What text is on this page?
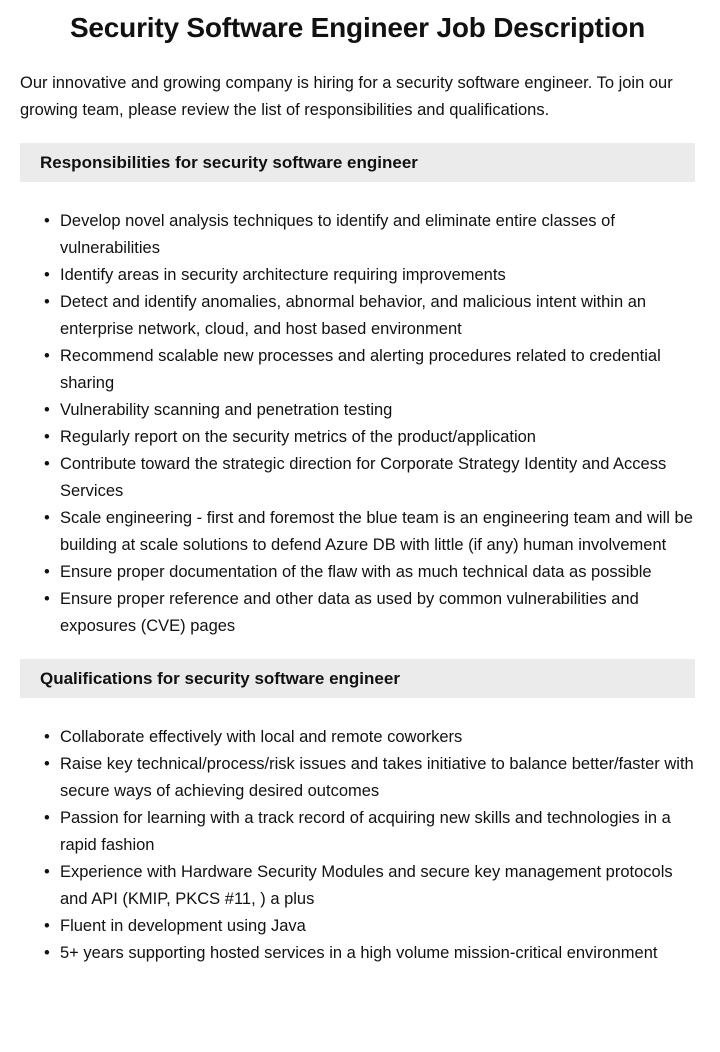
Security Software Engineer Job Description

Our innovative and growing company is hiring for a security software engineer. To join our growing team, please review the list of responsibilities and qualifications.

Responsibilities for security software engineer
• Develop novel analysis techniques to identify and eliminate entire classes of vulnerabilities
• Identify areas in security architecture requiring improvements
• Detect and identify anomalies, abnormal behavior, and malicious intent within an enterprise network, cloud, and host based environment
• Recommend scalable new processes and alerting procedures related to credential sharing
• Vulnerability scanning and penetration testing
• Regularly report on the security metrics of the product/application
• Contribute toward the strategic direction for Corporate Strategy Identity and Access Services
• Scale engineering - first and foremost the blue team is an engineering team and will be building at scale solutions to defend Azure DB with little (if any) human involvement
• Ensure proper documentation of the flaw with as much technical data as possible
• Ensure proper reference and other data as used by common vulnerabilities and exposures (CVE) pages
Qualifications for security software engineer
• Collaborate effectively with local and remote coworkers
• Raise key technical/process/risk issues and takes initiative to balance better/faster with secure ways of achieving desired outcomes
• Passion for learning with a track record of acquiring new skills and technologies in a rapid fashion
• Experience with Hardware Security Modules and secure key management protocols and API (KMIP, PKCS #11, ) a plus
• Fluent in development using Java
• 5+ years supporting hosted services in a high volume mission-critical environment
